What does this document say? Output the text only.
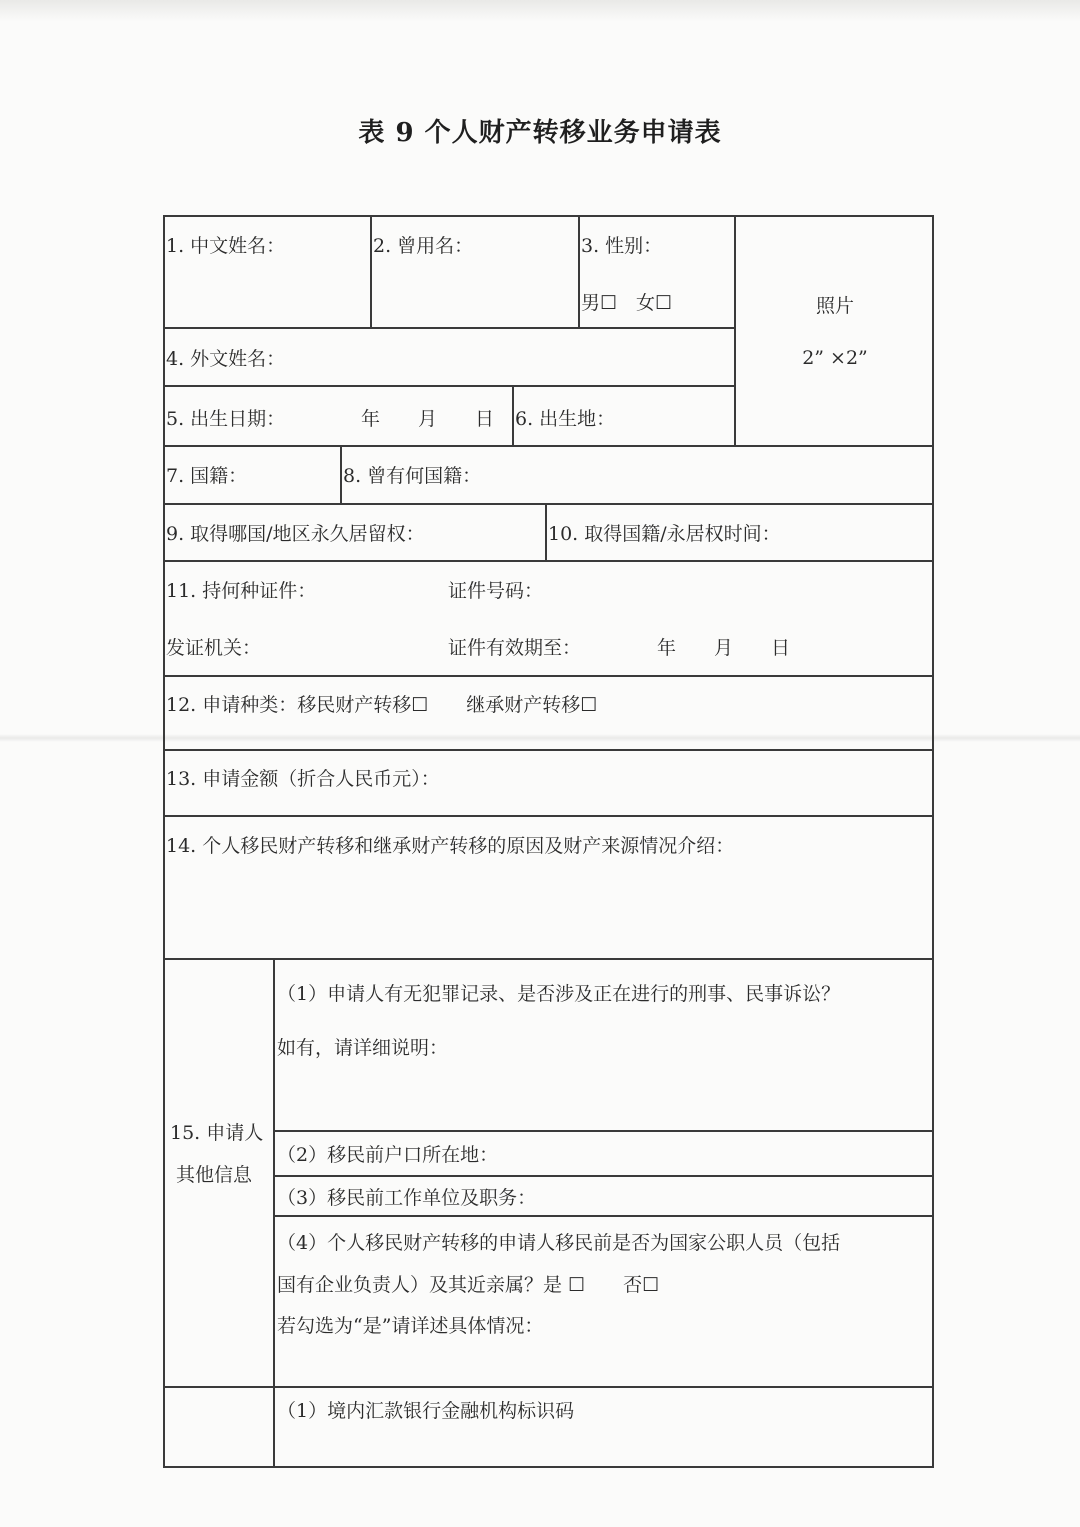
表 9 个人财产转移业务申请表
1. 中文姓名：	2. 曾用名：	3. 性别：
男☐　女☐	照片
2” ×2”
4. 外文姓名：
5. 出生日期：	年　　月　　日 6. 出生地：
7. 国籍：	8. 曾有何国籍：
9. 取得哪国/地区永久居留权：	10. 取得国籍/永居权时间：
11. 持何种证件：	证件号码：
发证机关：	证件有效期至：	年　　月　　日
12. 申请种类：移民财产转移☐　　继承财产转移☐
13. 申请金额（折合人民币元）：
14. 个人移民财产转移和继承财产转移的原因及财产来源情况介绍：
15. 申请人
其他信息
（1）申请人有无犯罪记录、是否涉及正在进行的刑事、民事诉讼？
如有，请详细说明：
（2）移民前户口所在地：
（3）移民前工作单位及职务：
（4）个人移民财产转移的申请人移民前是否为国家公职人员（包括
国有企业负责人）及其近亲属？是 ☐　　否☐
若勾选为“是”请详述具体情况：
（1）境内汇款银行金融机构标识码
